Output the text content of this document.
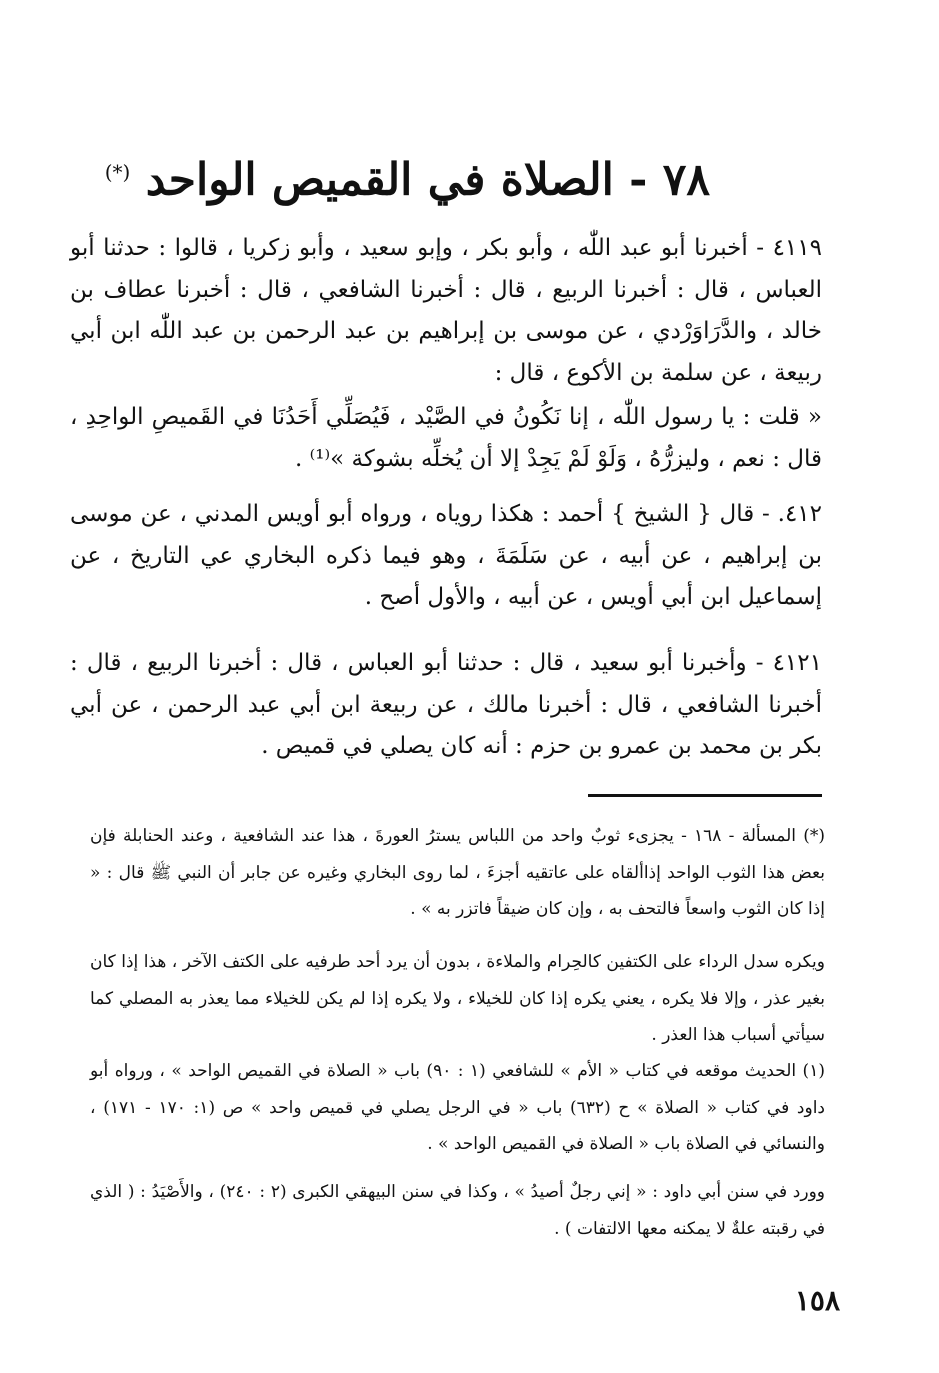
٧٨ - الصلاة في القميص الواحد (*)

٤١١٩ - أخبرنا أبو عبد اللّٰه ، وأبو بكر ، وإبو سعيد ، وأبو زكريا ، قالوا : حدثنا أبو العباس ، قال : أخبرنا الربيع ، قال : أخبرنا الشافعي ، قال : أخبرنا عطاف بن خالد ، والدَّرَاوَرْدي ، عن موسى بن إبراهيم بن عبد الرحمن بن عبد اللّٰه ابن أبي ربيعة ، عن سلمة بن الأكوع ، قال :

« قلت : يا رسول اللّٰه ، إنا نَكُونُ في الصَّيْد ، فَيُصَلِّي أَحَدُنَا في القَميصِ الواحِدِ ، قال : نعم ، وليزرُّهُ ، وَلَوْ لَمْ يَجِدْ إلا أن يُخلِّه بشوكة »⁽¹⁾ .

٤١٢. - قال { الشيخ } أحمد : هكذا روياه ، ورواه أبو أويس المدني ، عن موسى بن إبراهيم ، عن أبيه ، عن سَلَمَةَ ، وهو فيما ذكره البخاري عي التاريخ ، عن إسماعيل ابن أبي أويس ، عن أبيه ، والأول أصح .

٤١٢١ - وأخبرنا أبو سعيد ، قال : حدثنا أبو العباس ، قال : أخبرنا الربيع ، قال : أخبرنا الشافعي ، قال : أخبرنا مالك ، عن ربيعة ابن أبي عبد الرحمن ، عن أبي بكر بن محمد بن عمرو بن حزم : أنه كان يصلي في قميص .

(*) المسألة - ١٦٨ - يجزىء ثوبٌ واحد من اللباس يسترُ العورةَ ، هذا عند الشافعية ، وعند الحنابلة فإن بعض هذا الثوب الواحد إذاألقاه على عاتقيه أجزءَ ، لما روى البخاري وغيره عن جابر أن النبي ﷺ قال : « إذا كان الثوب واسعاً فالتحف به ، وإن كان ضيقاً فاتزر به » .

ويكره سدل الرداء على الكتفين كالحِرام والملاءة ، بدون أن يرد أحد طرفيه على الكتف الآخر ، هذا إذا كان بغير عذر ، وإلا فلا يكره ، يعني يكره إذا كان للخيلاء ، ولا يكره إذا لم يكن للخيلاء مما يعذر به المصلي كما سيأتي أسباب هذا العذر .

(١) الحديث موقعه في كتاب « الأم » للشافعي (١ : ٩٠) باب « الصلاة في القميص الواحد » ، ورواه أبو داود في كتاب « الصلاة » ح (٦٣٢) باب « في الرجل يصلي في قميص واحد » ص (١: ١٧٠ - ١٧١) ، والنسائي في الصلاة باب « الصلاة في القميص الواحد » .

وورد في سنن أبي داود : « إني رجلٌ أصيدُ » ، وكذا في سنن البيهقي الكبرى (٢ : ٢٤٠) ، والأَصْيَدُ : ( الذي في رقبته علةٌ لا يمكنه معها الالتفات ) .

١٥٨
